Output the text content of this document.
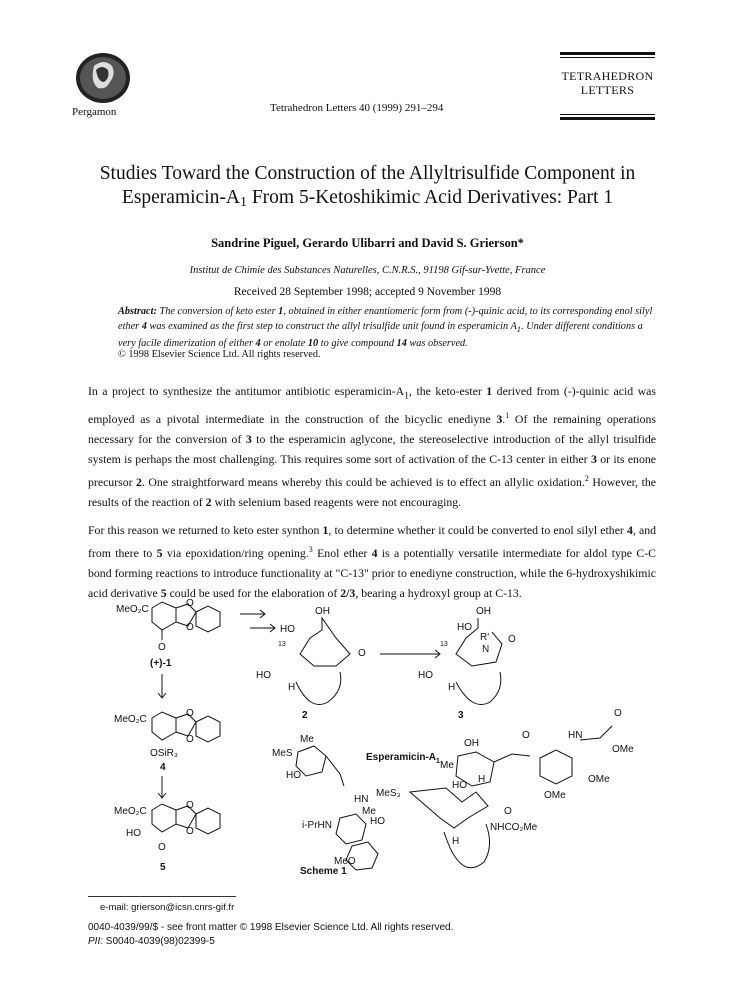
Pergamon	Tetrahedron Letters 40 (1999) 291–294
TETRAHEDRON
LETTERS
Studies Toward the Construction of the Allyltrisulfide Component in
Esperamicin-$A_1$ From 5-Ketoshikimic Acid Derivatives: Part 1
Sandrine Piguel, Gerardo Ulibarri and David S. Grierson*
Institut de Chimie des Substances Naturelles, C.N.R.S., 91198 Gif-sur-Yvette, France
Received 28 September 1998; accepted 9 November 1998
Abstract: The conversion of keto ester 1, obtained in either enantiomeric form from (-)-quinic acid, to its corresponding enol silyl ether 4 was examined as the first step to construct the allyl trisulfide unit found in esperamicin $A_1$. Under different conditions a very facile dimerization of either 4 or enolate 10 to give compound 14 was observed.
© 1998 Elsevier Science Ltd. All rights reserved.
In a project to synthesize the antitumor antibiotic esperamicin-$A_1$, the keto-ester 1 derived from (-)-quinic acid was employed as a pivotal intermediate in the construction of the bicyclic enediyne 3.$^1$ Of the remaining operations necessary for the conversion of 3 to the esperamicin aglycone, the stereoselective introduction of the allyl trisulfide system is perhaps the most challenging. This requires some sort of activation of the C-13 center in either 3 or its enone precursor 2. One straightforward means whereby this could be achieved is to effect an allylic oxidation.$^2$ However, the results of the reaction of 2 with selenium based reagents were not encouraging.
For this reason we returned to keto ester synthon 1, to determine whether it could be converted to enol silyl ether 4, and from there to 5 via epoxidation/ring opening.$^3$ Enol ether 4 is a potentially versatile intermediate for aldol type C-C bond forming reactions to introduce functionality at "C-13" prior to enediyne construction, while the 6-hydroxyshikimic acid derivative 5 could be used for the elaboration of 2/3, bearing a hydroxyl group at C-13.
MeO₂C
O
O
O
(+)-1
OH
HO
13
O
HO
H
2
OH
HO
R'
N
O
13
HO
H
3
MeO₂C
O
O
OSiR₃
4
MeO₂C
O
O
HO
O
5
Me
MeS
HO
Esperamicin-$A_1$
MeS₃
HN
Me
HO
i-PrHN
MeO
HO
H
O
NHCO₂Me
H
OH
Me
O	HN
O
OMe
OMe
OMe
Scheme 1
e-mail: grierson@icsn.cnrs-gif.fr
0040-4039/99/$ - see front matter © 1998 Elsevier Science Ltd. All rights reserved.
PII: S0040-4039(98)02399-5
